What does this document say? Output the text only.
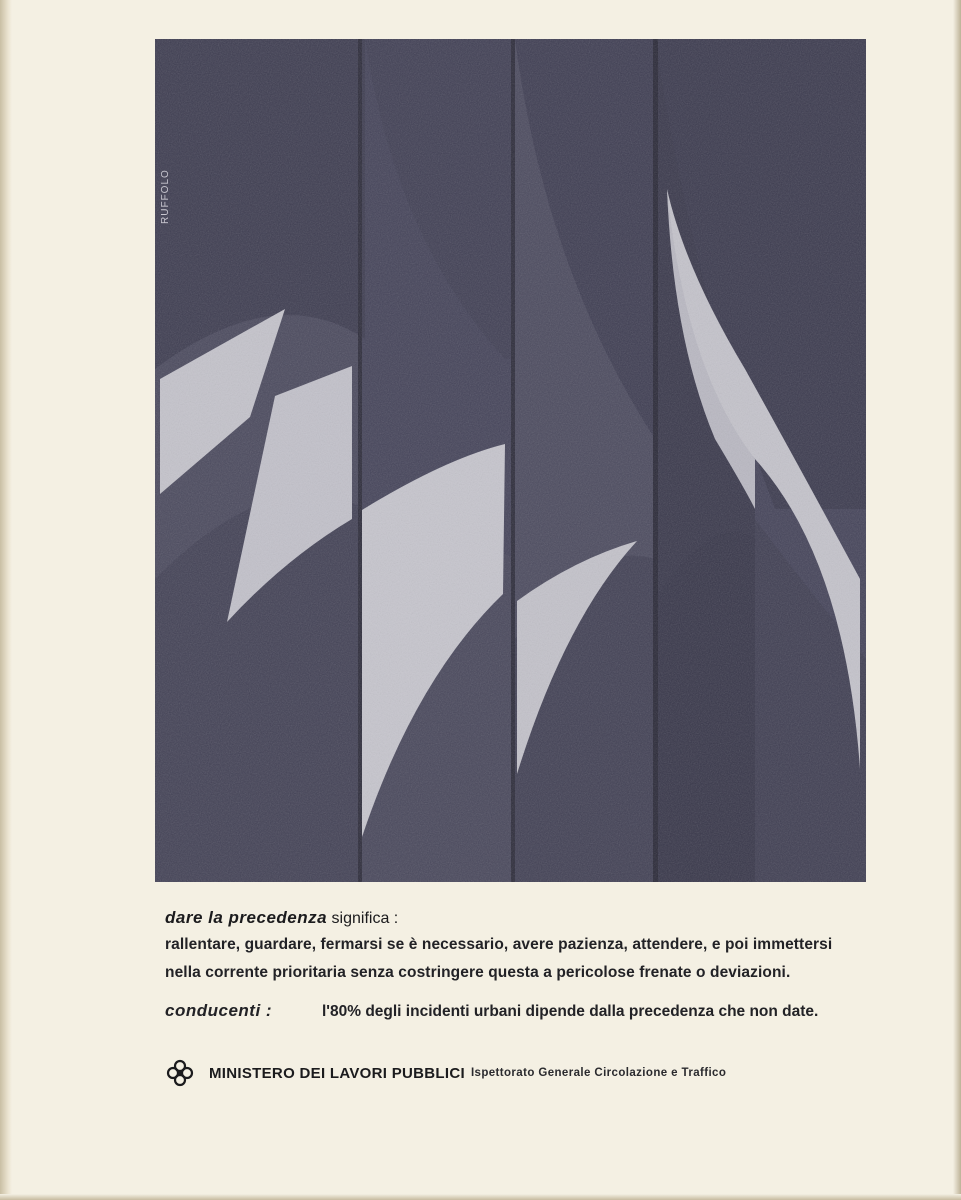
RUFFOLO
dare la precedenza significa :
rallentare, guardare, fermarsi se è necessario, avere pazienza, attendere, e poi immettersi
nella corrente prioritaria senza costringere questa a pericolose frenate o deviazioni.
conducenti :	l'80% degli incidenti urbani dipende dalla precedenza che non date.
MINISTERO DEI LAVORI PUBBLICI Ispettorato Generale Circolazione e Traffico
